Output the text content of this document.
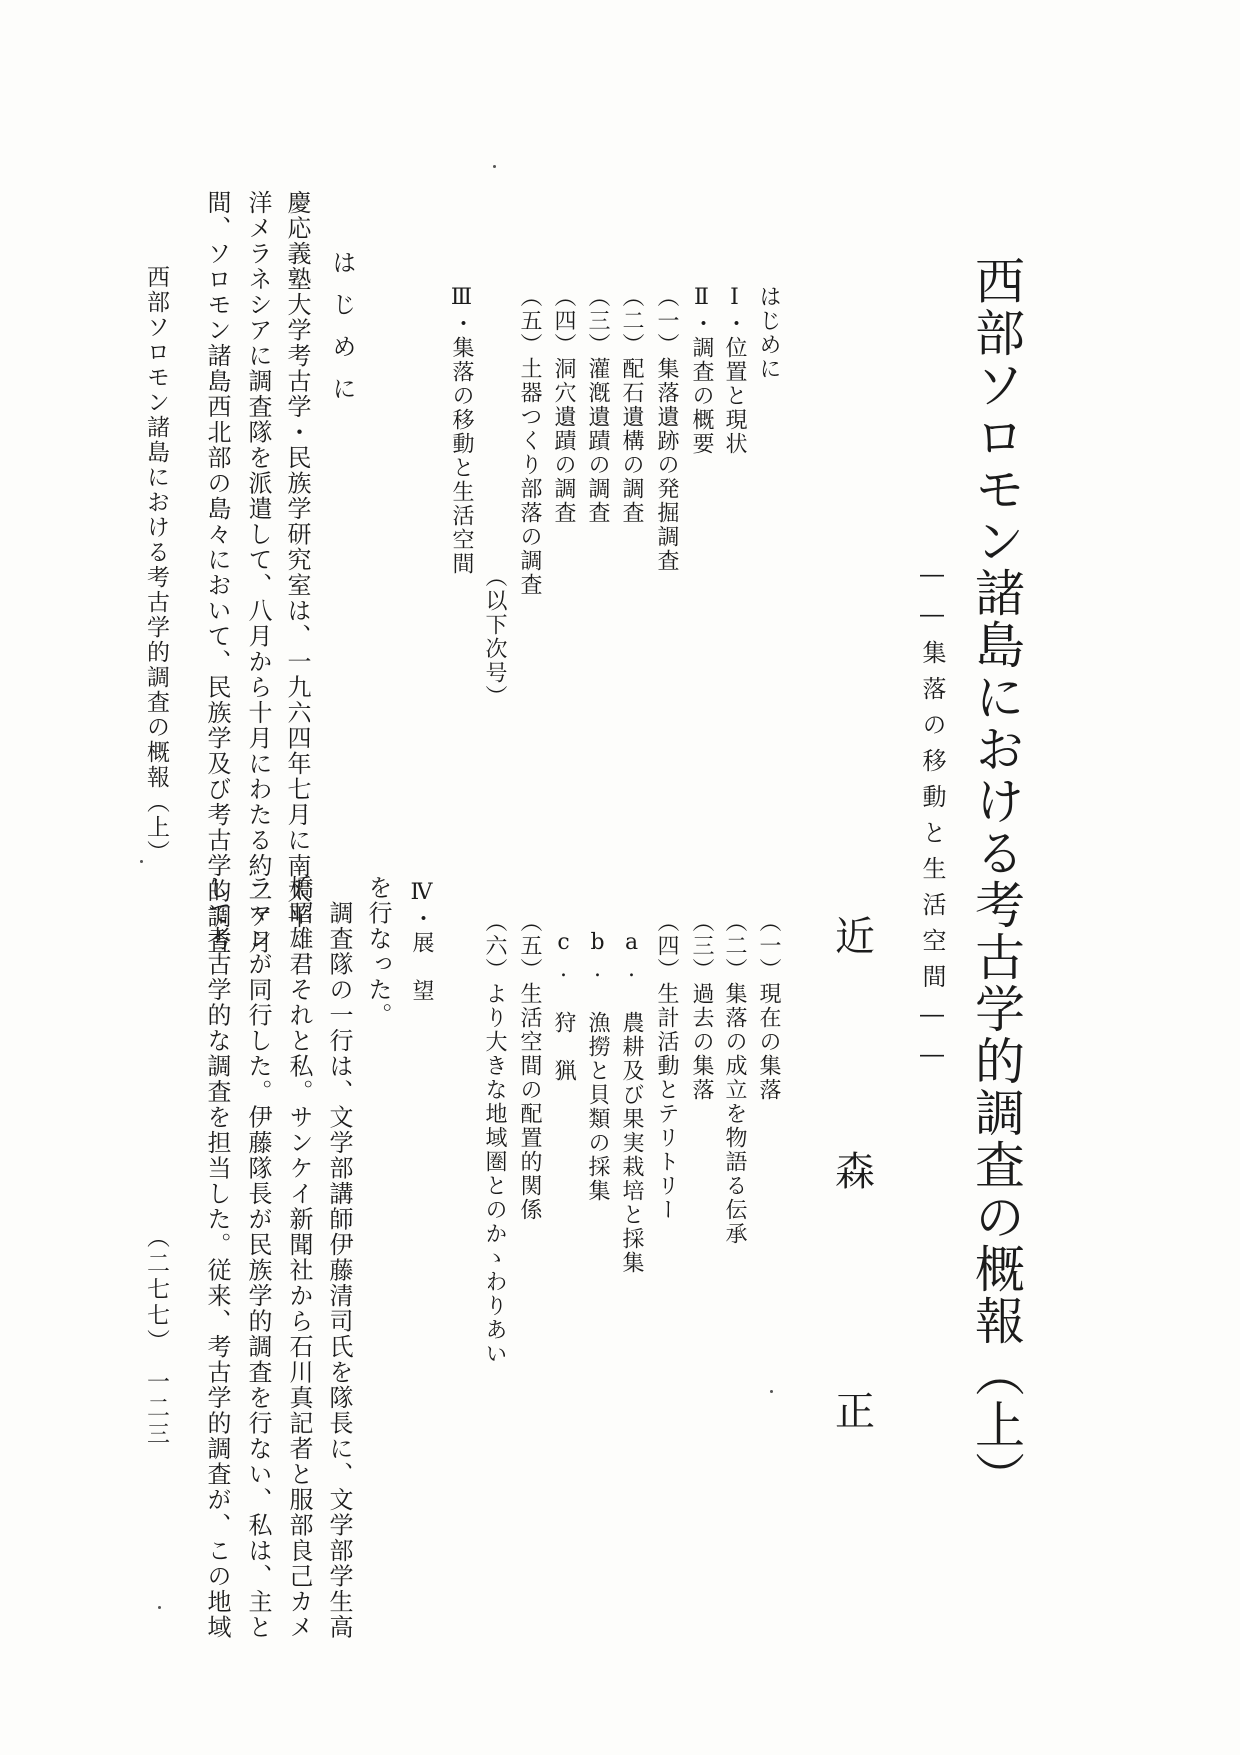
西部ソロモン諸島における考古学的調査の概報（上）
――集落の移動と生活空間――
近
森
正
はじめに
Ⅰ・位置と現状
Ⅱ・調査の概要
（一）集落遺跡の発掘調査
（二）配石遺構の調査
（三）灌漑遺蹟の調査
（四）洞穴遺蹟の調査
（五）土器つくり部落の調査
（以下次号）
Ⅲ・集落の移動と生活空間
（一）現在の集落
（二）集落の成立を物語る伝承
（三）過去の集落
（四）生計活動とテリトリー
a. 農耕及び果実栽培と採集
b. 漁撈と貝類の採集
c. 狩　猟
（五）生活空間の配置的関係
（六）より大きな地域圏とのかゝわりあい
Ⅳ・展　望
はじめに
慶応義塾大学考古学・民族学研究室は、一九六四年七月に南太平
洋メラネシアに調査隊を派遣して、八月から十月にわたる約二ケ月
間、ソロモン諸島西北部の島々において、民族学及び考古学的調査	を行なった。
　調査隊の一行は、文学部講師伊藤清司氏を隊長に、文学部学生高
橋昭雄君それと私。サンケイ新聞社から石川真記者と服部良己カメ
ラマンが同行した。伊藤隊長が民族学的調査を行ない、私は、主と
して考古学的な調査を担当した。従来、考古学的調査が、この地域
西部ソロモン諸島における考古学的調査の概報（上）
（二七七）　一二三
